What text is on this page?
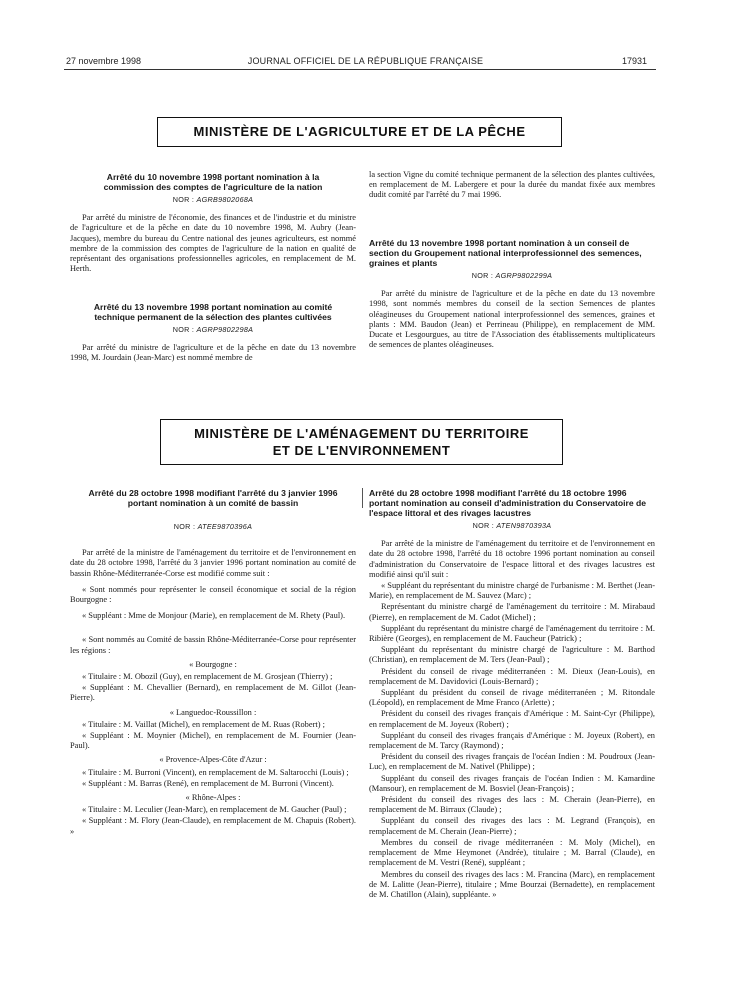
27 novembre 1998	JOURNAL OFFICIEL DE LA RÉPUBLIQUE FRANÇAISE	17931
MINISTÈRE DE L'AGRICULTURE ET DE LA PÊCHE
Arrêté du 10 novembre 1998 portant nomination à la commission des comptes de l'agriculture de la nation
NOR : AGRB9802068A
Par arrêté du ministre de l'économie, des finances et de l'industrie et du ministre de l'agriculture et de la pêche en date du 10 novembre 1998, M. Aubry (Jean-Jacques), membre du bureau du Centre national des jeunes agriculteurs, est nommé membre de la commission des comptes de l'agriculture de la nation en qualité de représentant des organisations professionnelles agricoles, en remplacement de M. Herth.
Arrêté du 13 novembre 1998 portant nomination au comité technique permanent de la sélection des plantes cultivées
NOR : AGRP9802298A
Par arrêté du ministre de l'agriculture et de la pêche en date du 13 novembre 1998, M. Jourdain (Jean-Marc) est nommé membre de
la section Vigne du comité technique permanent de la sélection des plantes cultivées, en remplacement de M. Labergere et pour la durée du mandat fixée aux membres dudit comité par l'arrêté du 7 mai 1996.
Arrêté du 13 novembre 1998 portant nomination à un conseil de section du Groupement national interprofessionnel des semences, graines et plants
NOR : AGRP9802299A
Par arrêté du ministre de l'agriculture et de la pêche en date du 13 novembre 1998, sont nommés membres du conseil de la section Semences de plantes oléagineuses du Groupement national interprofessionnel des semences, graines et plants : MM. Baudon (Jean) et Perrineau (Philippe), en remplacement de MM. Ducate et Lesgourgues, au titre de l'Association des établissements multiplicateurs de semences de plantes oléagineuses.
MINISTÈRE DE L'AMÉNAGEMENT DU TERRITOIRE
ET DE L'ENVIRONNEMENT
Arrêté du 28 octobre 1998 modifiant l'arrêté du 3 janvier 1996 portant nomination à un comité de bassin
NOR : ATEE9870396A
Par arrêté de la ministre de l'aménagement du territoire et de l'environnement en date du 28 octobre 1998, l'arrêté du 3 janvier 1996 portant nomination au comité de bassin Rhône-Méditerranée-Corse est modifié comme suit :
« Sont nommés pour représenter le conseil économique et social de la région Bourgogne :
« Suppléant : Mme de Monjour (Marie), en remplacement de M. Rhety (Paul).
« Sont nommés au Comité de bassin Rhône-Méditerranée-Corse pour représenter les régions :
« Bourgogne :
« Titulaire : M. Obozil (Guy), en remplacement de M. Grosjean (Thierry) ;
« Suppléant : M. Chevallier (Bernard), en remplacement de M. Gillot (Jean-Pierre).
« Languedoc-Roussillon :
« Titulaire : M. Vaillat (Michel), en remplacement de M. Ruas (Robert) ;
« Suppléant : M. Moynier (Michel), en remplacement de M. Fournier (Jean-Paul).
« Provence-Alpes-Côte d'Azur :
« Titulaire : M. Burroni (Vincent), en remplacement de M. Saltarocchi (Louis) ;
« Suppléant : M. Barras (René), en remplacement de M. Burroni (Vincent).
« Rhône-Alpes :
« Titulaire : M. Leculier (Jean-Marc), en remplacement de M. Gaucher (Paul) ;
« Suppléant : M. Flory (Jean-Claude), en remplacement de M. Chapuis (Robert). »
Arrêté du 28 octobre 1998 modifiant l'arrêté du 18 octobre 1996 portant nomination au conseil d'administration du Conservatoire de l'espace littoral et des rivages lacustres
NOR : ATEN9870393A
Par arrêté de la ministre de l'aménagement du territoire et de l'environnement en date du 28 octobre 1998, l'arrêté du 18 octobre 1996 portant nomination au conseil d'administration du Conservatoire de l'espace littoral et des rivages lacustres est modifié ainsi qu'il suit :
« Suppléant du représentant du ministre chargé de l'urbanisme : M. Berthet (Jean-Marie), en remplacement de M. Sauvez (Marc) ;
Représentant du ministre chargé de l'aménagement du territoire : M. Mirabaud (Pierre), en remplacement de M. Cadot (Michel) ;
Suppléant du représentant du ministre chargé de l'aménagement du territoire : M. Ribière (Georges), en remplacement de M. Faucheur (Patrick) ;
Suppléant du représentant du ministre chargé de l'agriculture : M. Barthod (Christian), en remplacement de M. Ters (Jean-Paul) ;
Président du conseil de rivage méditerranéen : M. Dieux (Jean-Louis), en remplacement de M. Davidovici (Louis-Bernard) ;
Suppléant du président du conseil de rivage méditerranéen ; M. Ritondale (Léopold), en remplacement de Mme Franco (Arlette) ;
Président du conseil des rivages français d'Amérique : M. Saint-Cyr (Philippe), en remplacement de M. Joyeux (Robert) ;
Suppléant du conseil des rivages français d'Amérique : M. Joyeux (Robert), en remplacement de M. Tarcy (Raymond) ;
Président du conseil des rivages français de l'océan Indien : M. Poudroux (Jean-Luc), en remplacement de M. Nativel (Philippe) ;
Suppléant du conseil des rivages français de l'océan Indien : M. Kamardine (Mansour), en remplacement de M. Bosviel (Jean-François) ;
Président du conseil des rivages des lacs : M. Cherain (Jean-Pierre), en remplacement de M. Birraux (Claude) ;
Suppléant du conseil des rivages des lacs : M. Legrand (François), en remplacement de M. Cherain (Jean-Pierre) ;
Membres du conseil de rivage méditerranéen : M. Moly (Michel), en remplacement de Mme Heymonet (Andrée), titulaire ; M. Barral (Claude), en remplacement de M. Vestri (René), suppléant ;
Membres du conseil des rivages des lacs : M. Francina (Marc), en remplacement de M. Lalitte (Jean-Pierre), titulaire ; Mme Bourzai (Bernadette), en remplacement de M. Chatillon (Alain), suppléante. »
